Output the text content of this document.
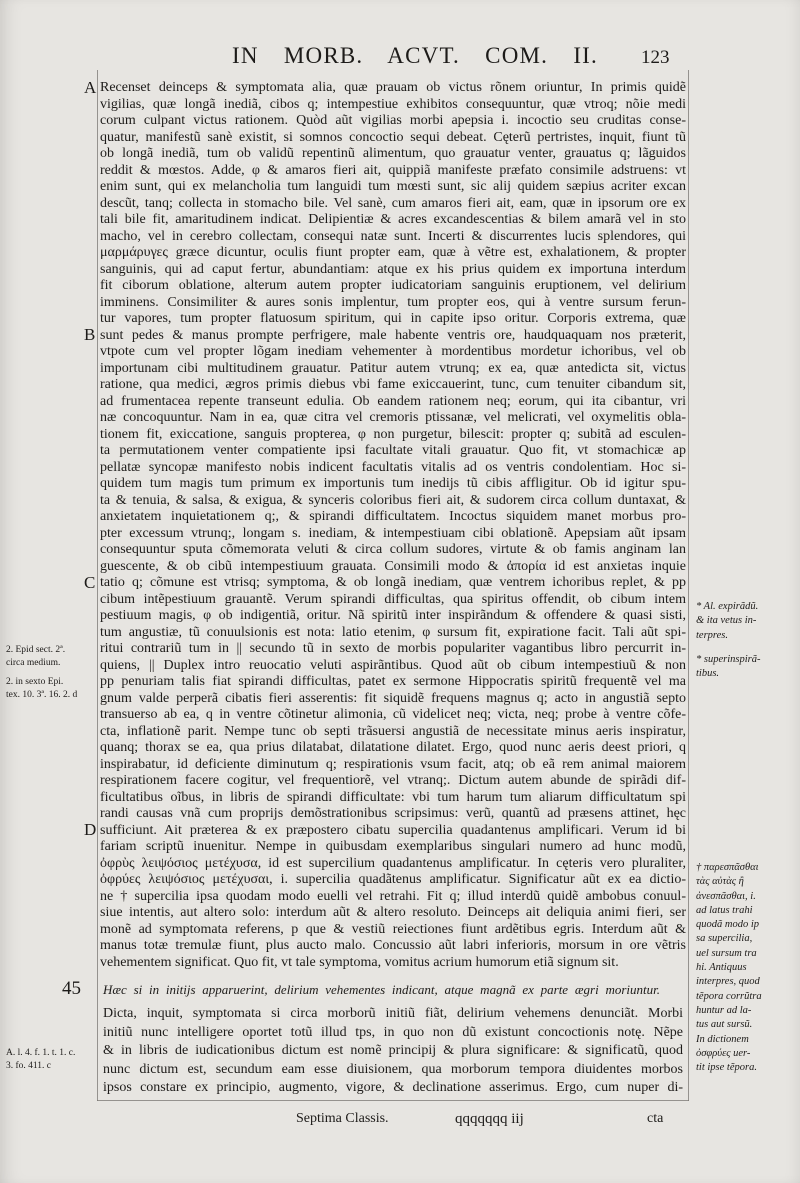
IN MORB. ACVT. COM. II. 123
A Recenset deinceps & symptomata alia, quæ prauam ob victus rõnem oriuntur, In primis quidẽ
vigilias, quæ longã inediã, cibos q; intempestiue exhibitos consequuntur, quæ vtroq; nõie medi
corum culpant victus rationem. Quòd aũt vigilias morbi apepsia i. incoctio seu cruditas conse-
quatur, manifestũ sanè existit, si somnos concoctio sequi debeat. Cęterũ pertristes, inquit, fiunt tũ
ob longã inediã, tum ob validũ repentinũ alimentum, quo grauatur venter, grauatus q; lãguidos
reddit & mœstos. Adde, φ & amaros fieri ait, quippiã manifeste præfato consimile adstruens: vt
enim sunt, qui ex melancholia tum languidi tum mœsti sunt, sic alij quidem sæpius acriter excan
descũt, tanq; collecta in stomacho bile. Vel sanè, cum amaros fieri ait, eam, quæ in ipsorum ore ex
tali bile fit, amaritudinem indicat. Delipientiæ & acres excandescentias & bilem amarã vel in sto
macho, vel in cerebro collectam, consequi natæ sunt. Incerti & discurrentes lucis splendores, qui
μαρμάρυγες græce dicuntur, oculis fiunt propter eam, quæ à vẽtre est, exhalationem, & propter
sanguinis, qui ad caput fertur, abundantiam: atque ex his prius quidem ex importuna interdum
fit ciborum oblatione, alterum autem propter iudicatoriam sanguinis eruptionem, vel delirium
imminens. Consimiliter & aures sonis implentur, tum propter eos, qui à ventre sursum ferun-
tur vapores, tum propter flatuosum spiritum, qui in capite ipso oritur. Corporis extrema, quæ
B sunt pedes & manus prompte perfrigere, male habente ventris ore, haudquaquam nos præterit,
vtpote cum vel propter lõgam inediam vehementer à mordentibus mordetur ichoribus, vel ob
importunam cibi multitudinem grauatur. Patitur autem vtrunq; ex ea, quæ antedicta sit, victus
ratione, qua medici, ægros primis diebus vbi fame exiccauerint, tunc, cum tenuiter cibandum sit,
ad frumentacea repente transeunt edulia. Ob eandem rationem neq; eorum, qui ita cibantur, vri
næ concoquuntur. Nam in ea, quæ citra vel cremoris ptissanæ, vel melicrati, vel oxymelitis obla-
tionem fit, exiccatione, sanguis propterea, φ non purgetur, bilescit: propter q; subitã ad esculen-
ta permutationem venter compatiente ipsi facultate vitali grauatur. Quo fit, vt stomachicæ ap
pellatæ syncopæ manifesto nobis indicent facultatis vitalis ad os ventris condolentiam. Hoc si-
quidem tum magis tum primum ex importunis tum inedijs tũ cibis affligitur. Ob id igitur spu-
ta & tenuia, & salsa, & exigua, & synceris coloribus fieri ait, & sudorem circa collum duntaxat, &
anxietatem inquietationem q;, & spirandi difficultatem. Incoctus siquidem manet morbus pro-
pter excessum vtrunq;, longam s. inediam, & intempestiuam cibi oblationẽ. Apepsiam aũt ipsam
consequuntur sputa cõmemorata veluti & circa collum sudores, virtute & ob famis anginam lan
guescente, & ob cibũ intempestiuum grauata. Consimili modo & ἀπορία id est anxietas inquie
C tatio q; cõmune est vtrisq; symptoma, & ob longã inediam, quæ ventrem ichoribus replet, & pp
cibum intẽpestiuum grauantẽ. Verum spirandi difficultas, qua spiritus offendit, ob cibum intem
pestiuum magis, φ ob indigentiã, oritur. Nã spiritũ inter inspirãndum & offendere & quasi sisti,
tum angustiæ, tũ conuulsionis est nota: latio etenim, φ sursum fit, expiratione facit. Tali aũt spi-
ritui contrariũ tum in || secundo tũ in sexto de morbis populariter vagantibus libro percurrit in-
quiens, || Duplex intro reuocatio veluti aspirãntibus. Quod aũt ob cibum intempestiuũ & non
pp penuriam talis fiat spirandi difficultas, patet ex sermone Hippocratis spiritũ frequentẽ vel ma
gnum valde perperã cibatis fieri asserentis: fit siquidẽ frequens magnus q; acto in angustiã septo
transuerso ab ea, q in ventre cõtinetur alimonia, cũ videlicet neq; victa, neq; probe à ventre cõfe-
cta, inflationẽ parit. Nempe tunc ob septi trãsuersi angustiã de necessitate minus aeris inspiratur,
quanq; thorax se ea, qua prius dilatabat, dilatatione dilatet. Ergo, quod nunc aeris deest priori, q
inspirabatur, id deficiente diminutum q; respirationis vsum facit, atq; ob eã rem animal maiorem
respirationem facere cogitur, vel frequentiorẽ, vel vtranq;. Dictum autem abunde de spirãdi dif-
ficultatibus oĩbus, in libris de spirandi difficultate: vbi tum harum tum aliarum difficultatum spi
randi causas vnã cum proprijs demõstrationibus scripsimus: verũ, quantũ ad præsens attinet, hęc
D sufficiunt. Ait præterea & ex præpostero cibatu supercilia quadantenus amplificari. Verum id bi
fariam scriptũ inuenitur. Nempe in quibusdam exemplaribus singulari numero ad hunc modũ,
ὀφρὺς λειψόσιος μετέχυσα, id est supercilium quadantenus amplificatur. In cęteris vero pluraliter,
ὀφρύες λειψόσιος μετέχυσαι, i. supercilia quadãtenus amplificatur. Significatur aũt ex ea dictio-
ne † supercilia ipsa quodam modo euelli vel retrahi. Fit q; illud interdũ quidẽ ambobus conuul-
siue intentis, aut altero solo: interdum aũt & altero resoluto. Deinceps ait deliquia animi fieri, ser
monẽ ad symptomata referens, p que & vestiũ reiectiones fiunt ardẽtibus egris. Interdum aũt &
manus totæ tremulæ fiunt, plus aucto malo. Concussio aũt labri inferioris, morsum in ore vẽtris
vehementem significat. Quo fit, vt tale symptoma, vomitus acrium humorum etiã signum sit.
45 Hæc si in initijs apparuerint, delirium vehementes indicant, atque magnã ex parte ægri moriuntur.
Dicta, inquit, symptomata si circa morborũ initiũ fiãt, delirium vehemens denunciãt. Morbi
initiũ nunc intelligere oportet totũ illud tps, in quo non dũ existunt concoctionis notę. Nẽpe
& in libris de iudicationibus dictum est nomẽ principij & plura significare: & significatũ, quod
nunc dictum est, secundum eam esse diuisionem, qua morborum tempora diuidentes morbos
ipsos constare ex principio, augmento, vigore, & declinatione asserimus. Ergo, cum nuper di-
2. Epid sect. 2ª.
circa medium.
2. in sexto Epi.
tex. 10. 3ª. 16. 2. d
A. l. 4. f. 1. t. 1. c.
3. fo. 411. c
* Al. expirãdũ.
& ita vetus in-
terpres.
* superinspirã-
tibus.
† παρεσπᾶσθαι
τὰς αὐτὰς ἢ
ἀνεσπᾶσθαι, i.
ad latus trahi
quodã modo ip
sa supercilia,
uel sursum tra
hi. Antiquus
interpres, quod
tẽpora corrũtra
huntur ad la-
tus aut sursũ.
In dictionem
ὀσφρύες uer-
tit ipse tẽpora.
Septima Classis.	qqqqqqq iij	cta
